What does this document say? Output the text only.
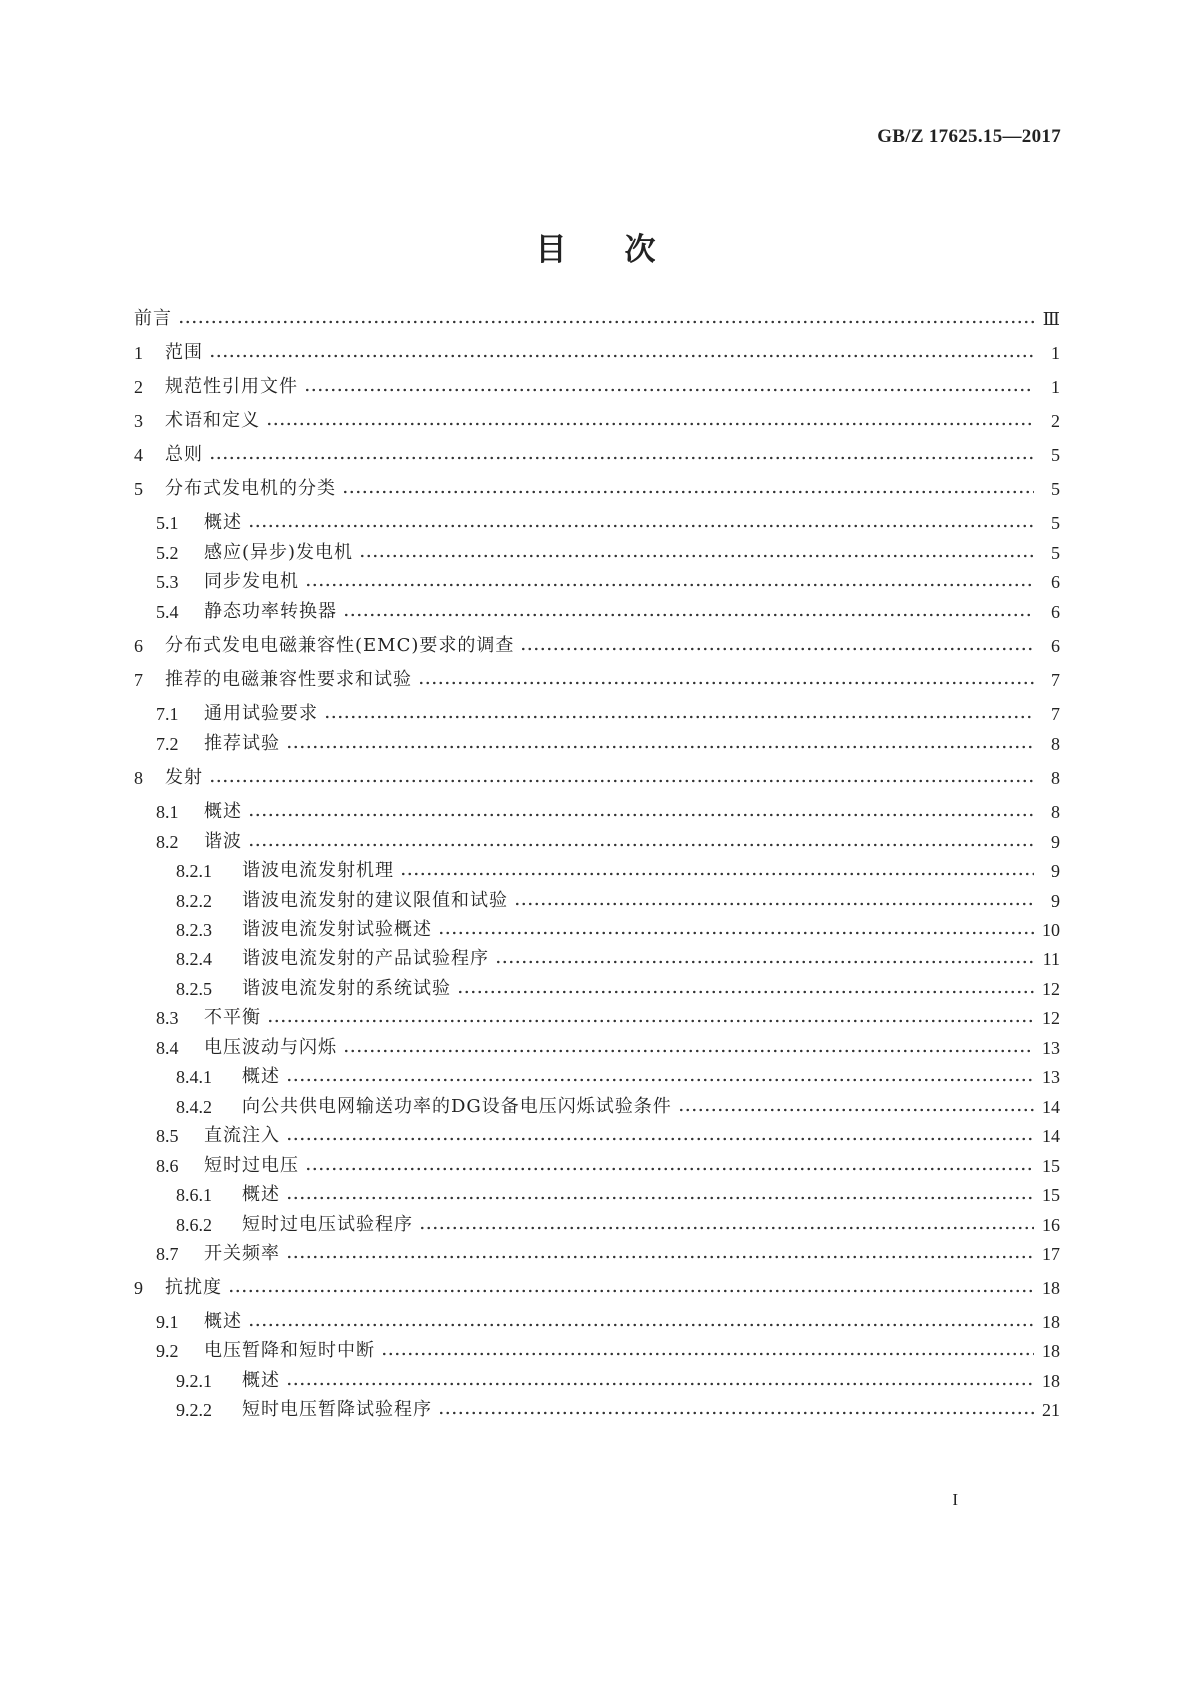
GB/Z 17625.15—2017
目次
前言	Ⅲ
1	范围	1
2	规范性引用文件	1
3	术语和定义	2
4	总则	5
5	分布式发电机的分类	5
5.1	概述	5
5.2	感应(异步)发电机	5
5.3	同步发电机	6
5.4	静态功率转换器	6
6	分布式发电电磁兼容性(EMC)要求的调查	6
7	推荐的电磁兼容性要求和试验	7
7.1	通用试验要求	7
7.2	推荐试验	8
8	发射	8
8.1	概述	8
8.2	谐波	9
8.2.1	谐波电流发射机理	9
8.2.2	谐波电流发射的建议限值和试验	9
8.2.3	谐波电流发射试验概述	10
8.2.4	谐波电流发射的产品试验程序	11
8.2.5	谐波电流发射的系统试验	12
8.3	不平衡	12
8.4	电压波动与闪烁	13
8.4.1	概述	13
8.4.2	向公共供电网输送功率的DG设备电压闪烁试验条件	14
8.5	直流注入	14
8.6	短时过电压	15
8.6.1	概述	15
8.6.2	短时过电压试验程序	16
8.7	开关频率	17
9	抗扰度	18
9.1	概述	18
9.2	电压暂降和短时中断	18
9.2.1	概述	18
9.2.2	短时电压暂降试验程序	21
I
